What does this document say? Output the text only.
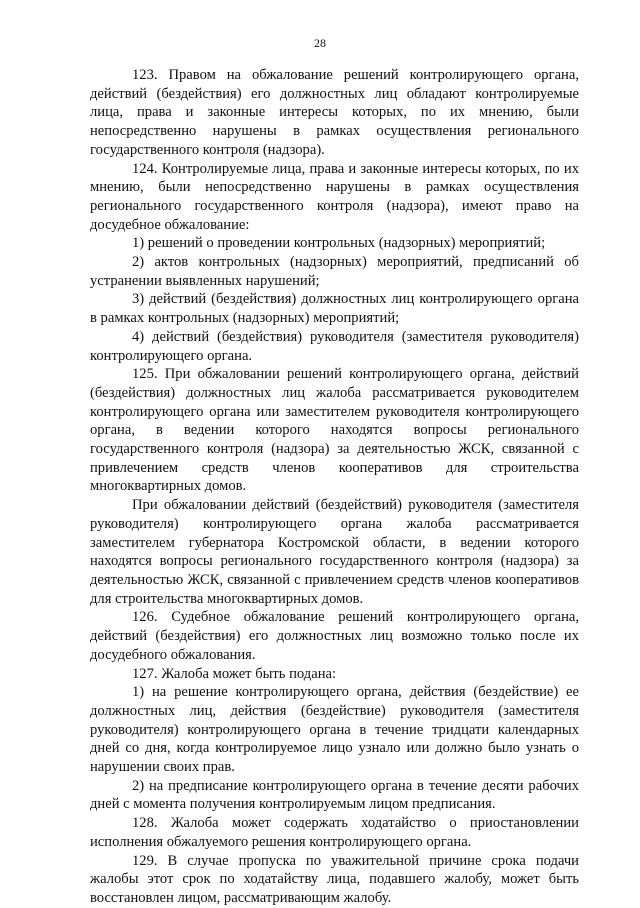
28

123. Правом на обжалование решений контролирующего органа, действий (бездействия) его должностных лиц обладают контролируемые лица, права и законные интересы которых, по их мнению, были непосредственно нарушены в рамках осуществления регионального государственного контроля (надзора).

124. Контролируемые лица, права и законные интересы которых, по их мнению, были непосредственно нарушены в рамках осуществления регионального государственного контроля (надзора), имеют право на досудебное обжалование:

1) решений о проведении контрольных (надзорных) мероприятий;

2) актов контрольных (надзорных) мероприятий, предписаний об устранении выявленных нарушений;

3) действий (бездействия) должностных лиц контролирующего органа в рамках контрольных (надзорных) мероприятий;

4) действий (бездействия) руководителя (заместителя руководителя) контролирующего органа.

125. При обжаловании решений контролирующего органа, действий (бездействия) должностных лиц жалоба рассматривается руководителем контролирующего органа или заместителем руководителя контролирующего органа, в ведении которого находятся вопросы регионального государственного контроля (надзора) за деятельностью ЖСК, связанной с привлечением средств членов кооперативов для строительства многоквартирных домов.

При обжаловании действий (бездействий) руководителя (заместителя руководителя) контролирующего органа жалоба рассматривается заместителем губернатора Костромской области, в ведении которого находятся вопросы регионального государственного контроля (надзора) за деятельностью ЖСК, связанной с привлечением средств членов кооперативов для строительства многоквартирных домов.

126. Судебное обжалование решений контролирующего органа, действий (бездействия) его должностных лиц возможно только после их досудебного обжалования.

127. Жалоба может быть подана:

1) на решение контролирующего органа, действия (бездействие) ее должностных лиц, действия (бездействие) руководителя (заместителя руководителя) контролирующего органа в течение тридцати календарных дней со дня, когда контролируемое лицо узнало или должно было узнать о нарушении своих прав.

2) на предписание контролирующего органа в течение десяти рабочих дней с момента получения контролируемым лицом предписания.

128. Жалоба может содержать ходатайство о приостановлении исполнения обжалуемого решения контролирующего органа.

129. В случае пропуска по уважительной причине срока подачи жалобы этот срок по ходатайству лица, подавшего жалобу, может быть восстановлен лицом, рассматривающим жалобу.
